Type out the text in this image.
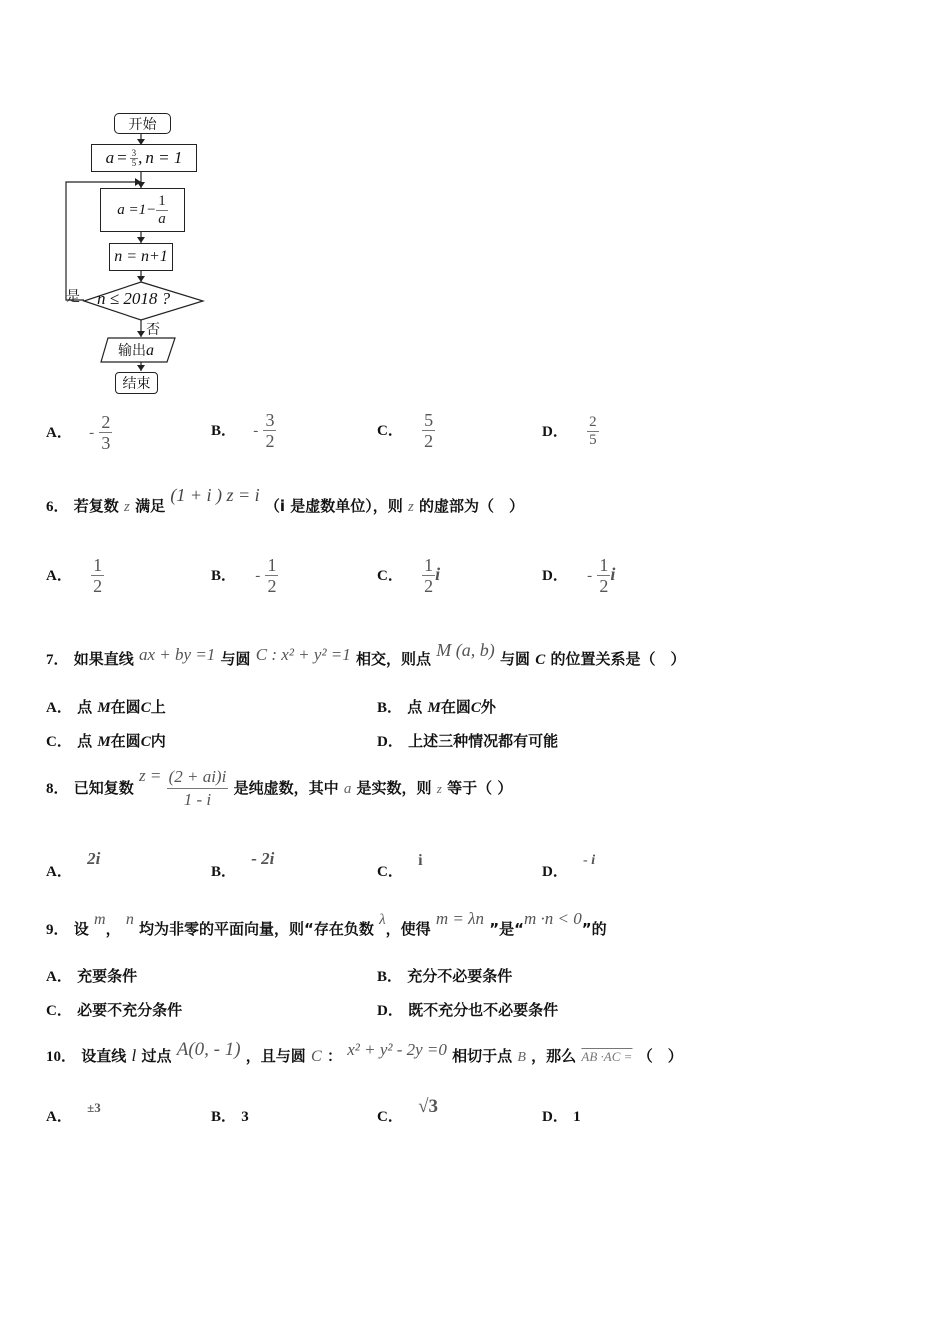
开始
$a = \frac{3}{5}$ , n = 1
$a =1- \frac{1}{a}$
n = n+1
n ≤ 2018 ?
是
否
输出a
结束
A． - $\frac{2}{3}$	B． - $\frac{3}{2}$	C． $\frac{5}{2}$	D． $\frac{2}{5}$
6． 若复数 z 满足 (1 + i ) z = i （i 是虚数单位），则 z 的虚部为（　）
A． $\frac{1}{2}$	B． - $\frac{1}{2}$	C． $\frac{1}{2}$ i	D． - $\frac{1}{2}$ i
7． 如果直线 ax + by =1 与圆 C : x² + y² =1 相交，则点 M (a, b) 与圆 C 的位置关系是（　）
A． 点 M在圆C上	B． 点 M在圆C外
C． 点 M在圆C内	D． 上述三种情况都有可能
8． 已知复数 $z = \frac{(2 + ai)i}{1 - i}$ 是纯虚数，其中 a 是实数，则 z 等于（ ）
A． 2i
B． - 2i
C． i
D． - i
9． 设 m， n 均为非零的平面向量，则“存在负数 λ，使得 m = λn ”是“m ·n < 0”的
A． 充要条件	B． 充分不必要条件
C． 必要不充分条件	D． 既不充分也不必要条件
10． 设直线 l 过点 A(0, - 1) ，且与圆 C ： x² + y² - 2y =0 相切于点 B ，那么 AB ·AC = （　）
A． ±3
B． 3	C． √3	D． 1
